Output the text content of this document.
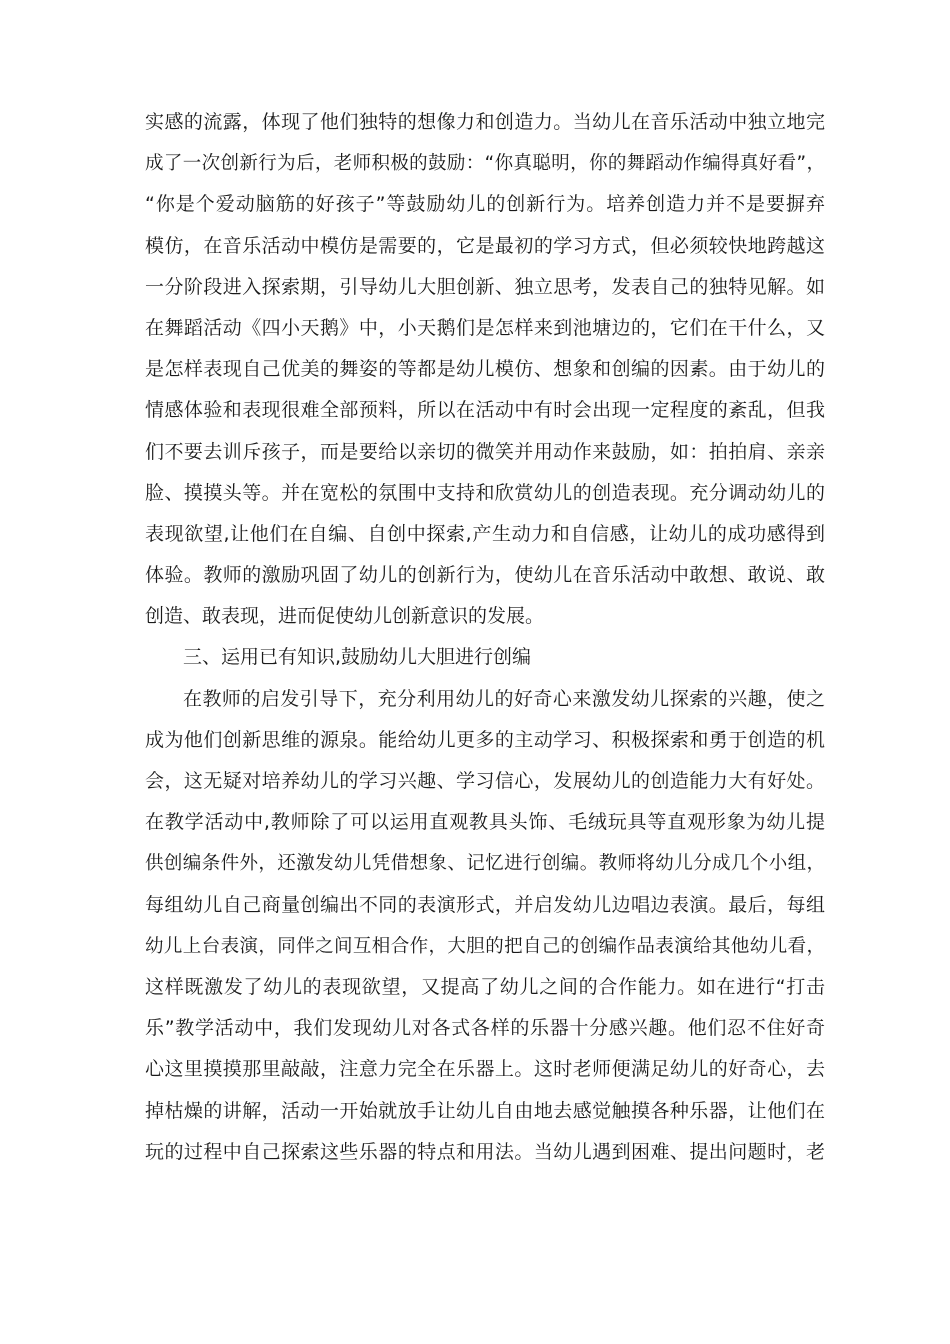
实感的流露，体现了他们独特的想像力和创造力。当幼儿在音乐活动中独立地完
成了一次创新行为后，老师积极的鼓励：“你真聪明，你的舞蹈动作编得真好看”，
“你是个爱动脑筋的好孩子”等鼓励幼儿的创新行为。培养创造力并不是要摒弃
模仿，在音乐活动中模仿是需要的，它是最初的学习方式，但必须较快地跨越这
一分阶段进入探索期，引导幼儿大胆创新、独立思考，发表自己的独特见解。如
在舞蹈活动《四小天鹅》中，小天鹅们是怎样来到池塘边的，它们在干什么，又
是怎样表现自己优美的舞姿的等都是幼儿模仿、想象和创编的因素。由于幼儿的
情感体验和表现很难全部预料，所以在活动中有时会出现一定程度的紊乱，但我
们不要去训斥孩子，而是要给以亲切的微笑并用动作来鼓励，如：拍拍肩、亲亲
脸、摸摸头等。并在宽松的氛围中支持和欣赏幼儿的创造表现。充分调动幼儿的
表现欲望,让他们在自编、自创中探索,产生动力和自信感，让幼儿的成功感得到
体验。教师的激励巩固了幼儿的创新行为，使幼儿在音乐活动中敢想、敢说、敢
创造、敢表现，进而促使幼儿创新意识的发展。
三、运用已有知识,鼓励幼儿大胆进行创编
在教师的启发引导下，充分利用幼儿的好奇心来激发幼儿探索的兴趣，使之
成为他们创新思维的源泉。能给幼儿更多的主动学习、积极探索和勇于创造的机
会，这无疑对培养幼儿的学习兴趣、学习信心，发展幼儿的创造能力大有好处。
在教学活动中,教师除了可以运用直观教具头饰、毛绒玩具等直观形象为幼儿提
供创编条件外，还激发幼儿凭借想象、记忆进行创编。教师将幼儿分成几个小组，
每组幼儿自己商量创编出不同的表演形式，并启发幼儿边唱边表演。最后，每组
幼儿上台表演，同伴之间互相合作，大胆的把自己的创编作品表演给其他幼儿看，
这样既激发了幼儿的表现欲望，又提高了幼儿之间的合作能力。如在进行“打击
乐”教学活动中，我们发现幼儿对各式各样的乐器十分感兴趣。他们忍不住好奇
心这里摸摸那里敲敲，注意力完全在乐器上。这时老师便满足幼儿的好奇心，去
掉枯燥的讲解，活动一开始就放手让幼儿自由地去感觉触摸各种乐器，让他们在
玩的过程中自己探索这些乐器的特点和用法。当幼儿遇到困难、提出问题时，老
